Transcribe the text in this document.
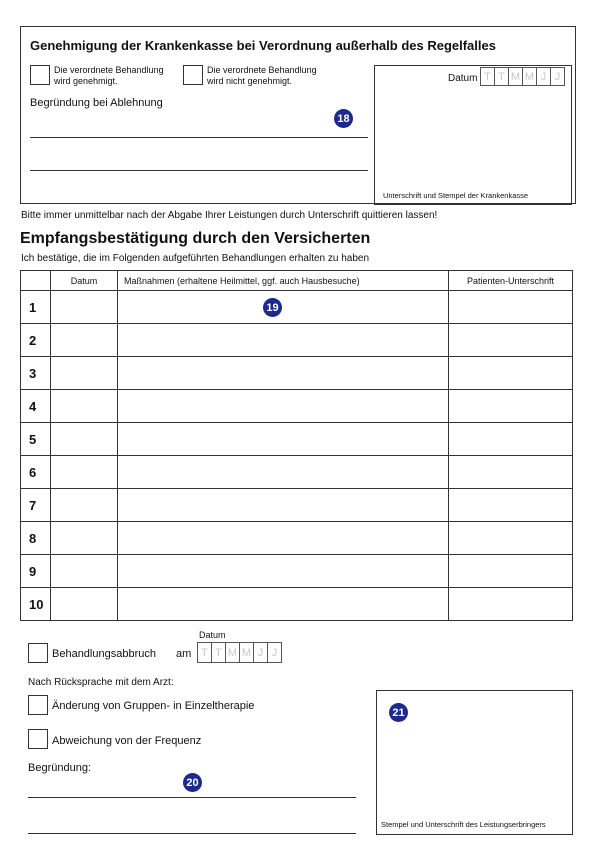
Genehmigung der Krankenkasse bei Verordnung außerhalb des Regelfalles
Die verordnete Behandlung wird genehmigt.
Die verordnete Behandlung wird nicht genehmigt.
Begründung bei Ablehnung
18
Datum T T M M J J
Unterschrift und Stempel der Krankenkasse
Bitte immer unmittelbar nach der Abgabe Ihrer Leistungen durch Unterschrift quittieren lassen!
Empfangsbestätigung durch den Versicherten
Ich bestätige, die im Folgenden aufgeführten Behandlungen erhalten zu haben
	Datum	Maßnahmen (erhaltene Heilmittel, ggf. auch Hausbesuche)	Patienten-Unterschrift
1		19	

2			
3			
4			
5			
6			
7			
8			
9			
10			
Datum
Behandlungsabbruch am T T M M J J
Nach Rücksprache mit dem Arzt:
Änderung von Gruppen- in Einzeltherapie
Abweichung von der Frequenz
Begründung:
20
21
Stempel und Unterschrift des Leistungserbringers
